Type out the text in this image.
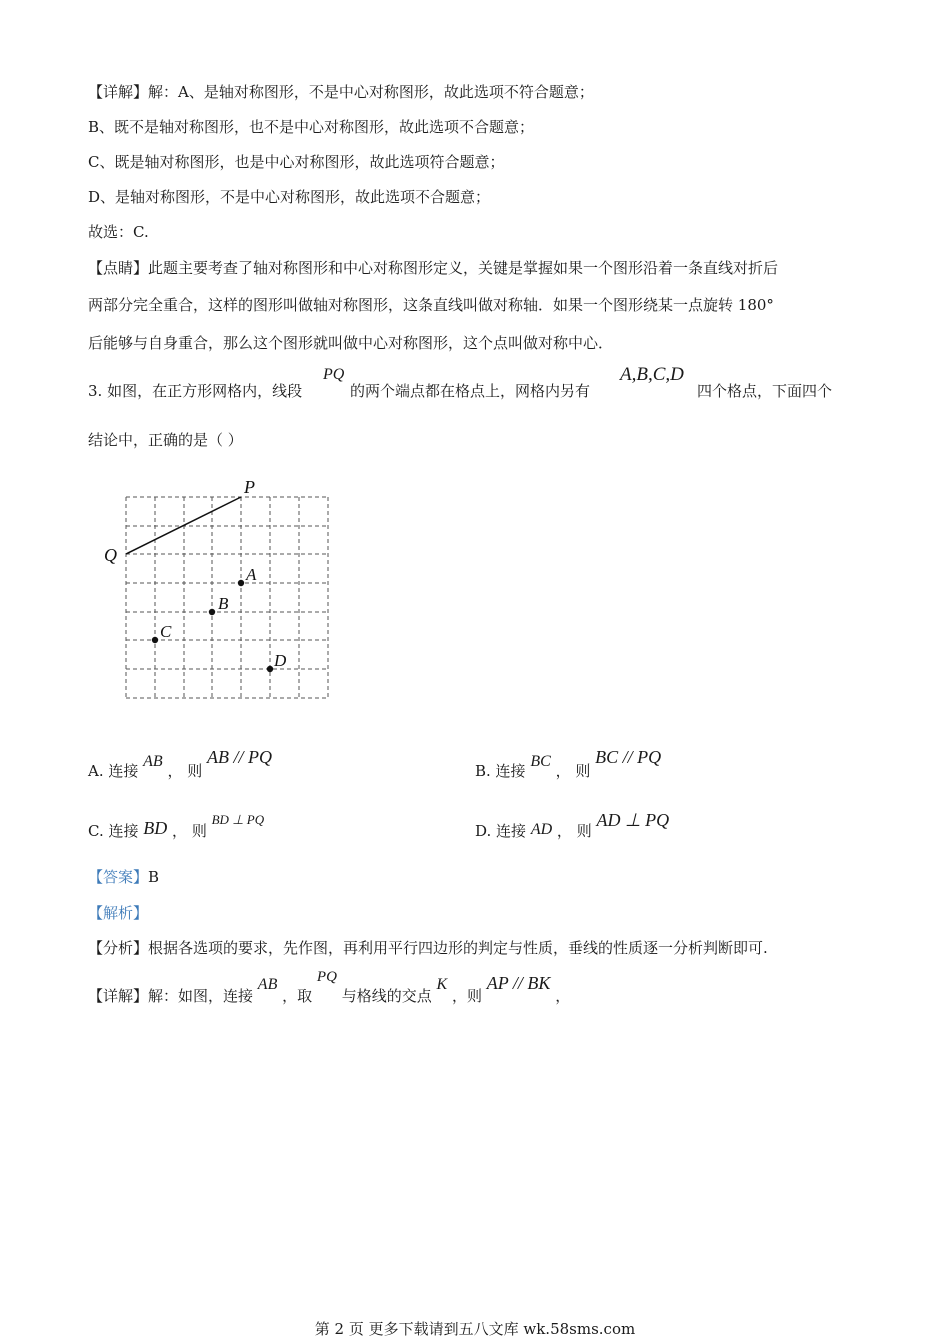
【详解】解：A、是轴对称图形，不是中心对称图形，故此选项不符合题意；
B、既不是轴对称图形，也不是中心对称图形，故此选项不合题意；
C、既是轴对称图形，也是中心对称图形，故此选项符合题意；
D、是轴对称图形，不是中心对称图形，故此选项不合题意；
故选：C.
【点睛】此题主要考查了轴对称图形和中心对称图形定义，关键是掌握如果一个图形沿着一条直线对折后
两部分完全重合，这样的图形叫做轴对称图形，这条直线叫做对称轴．如果一个图形绕某一点旋转 180°
后能够与自身重合，那么这个图形就叫做中心对称图形，这个点叫做对称中心．
3. 如图，在正方形网格内，线段
PQ
的两个端点都在格点上，网格内另有
A,B,C,D
四个格点，下面四个
结论中，正确的是（ ）
P
Q
A
B
C
D
A. 连接 AB ， 则 AB // PQ
B. 连接 BC ， 则 BC // PQ
C. 连接 BD ， 则 BD ⊥ PQ
D. 连接 AD ， 则 AD ⊥ PQ
【答案】B
【解析】
【分析】根据各选项的要求，先作图，再利用平行四边形的判定与性质，垂线的性质逐一分析判断即可.
【详解】解：如图，连接 AB ，取 PQ 与格线的交点 K ，则 AP // BK ，
第 2 页 更多下载请到五八文库 wk.58sms.com
